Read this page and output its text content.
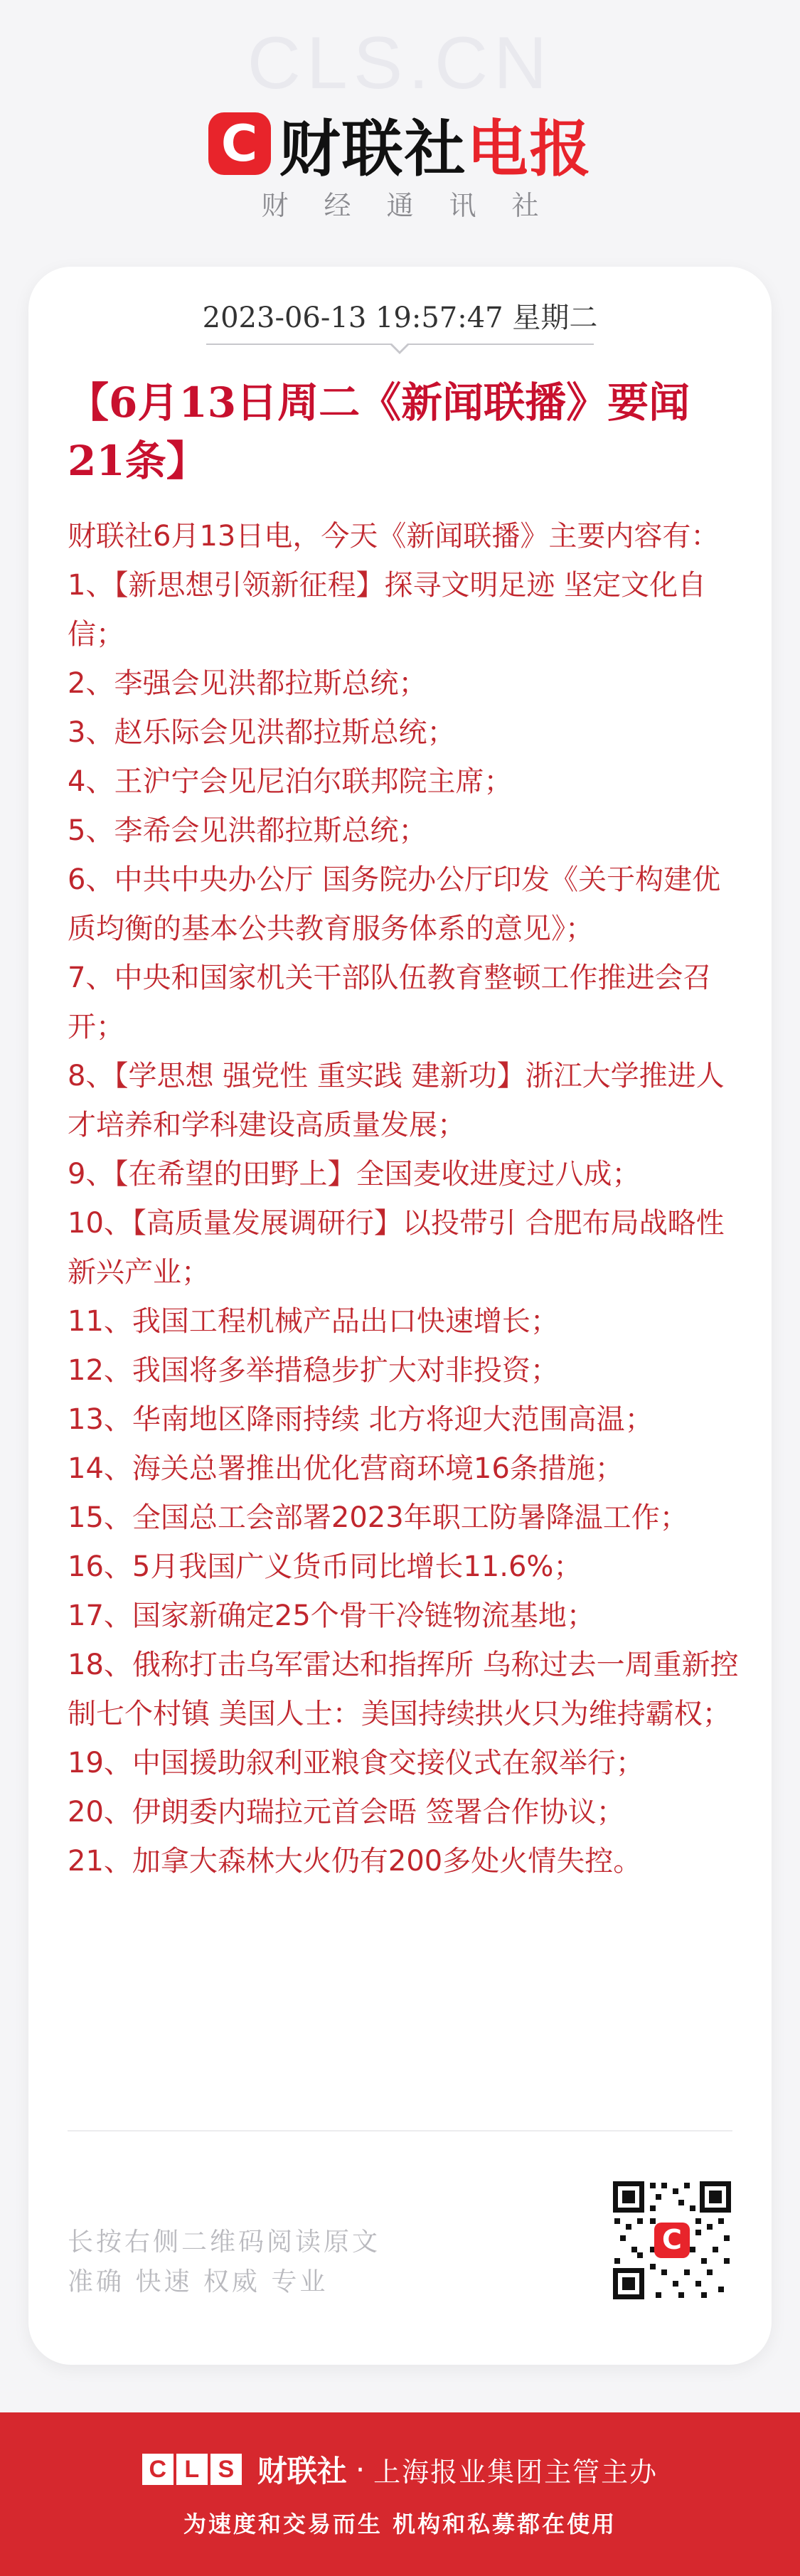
CLS.CN
C 财联社 电报
财经通讯社
2023-06-13 19:57:47 星期二
【6月13日周二《新闻联播》要闻21条】

财联社6月13日电，今天《新闻联播》主要内容有：

1、【新思想引领新征程】探寻文明足迹 坚定文化自信；

2、李强会见洪都拉斯总统；

3、赵乐际会见洪都拉斯总统；

4、王沪宁会见尼泊尔联邦院主席；

5、李希会见洪都拉斯总统；

6、中共中央办公厅 国务院办公厅印发《关于构建优质均衡的基本公共教育服务体系的意见》；

7、中央和国家机关干部队伍教育整顿工作推进会召开；

8、【学思想 强党性 重实践 建新功】浙江大学推进人才培养和学科建设高质量发展；

9、【在希望的田野上】全国麦收进度过八成；

10、【高质量发展调研行】以投带引 合肥布局战略性新兴产业；

11、我国工程机械产品出口快速增长；

12、我国将多举措稳步扩大对非投资；

13、华南地区降雨持续 北方将迎大范围高温；

14、海关总署推出优化营商环境16条措施；

15、全国总工会部署2023年职工防暑降温工作；

16、5月我国广义货币同比增长11.6%；

17、国家新确定25个骨干冷链物流基地；

18、俄称打击乌军雷达和指挥所 乌称过去一周重新控制七个村镇 美国人士：美国持续拱火只为维持霸权；

19、中国援助叙利亚粮食交接仪式在叙举行；

20、伊朗委内瑞拉元首会晤 签署合作协议；

21、加拿大森林大火仍有200多处火情失控。

长按右侧二维码阅读原文
准确 快速 权威 专业
C
C L S 财联社 · 上海报业集团主管主办
为速度和交易而生 机构和私募都在使用
